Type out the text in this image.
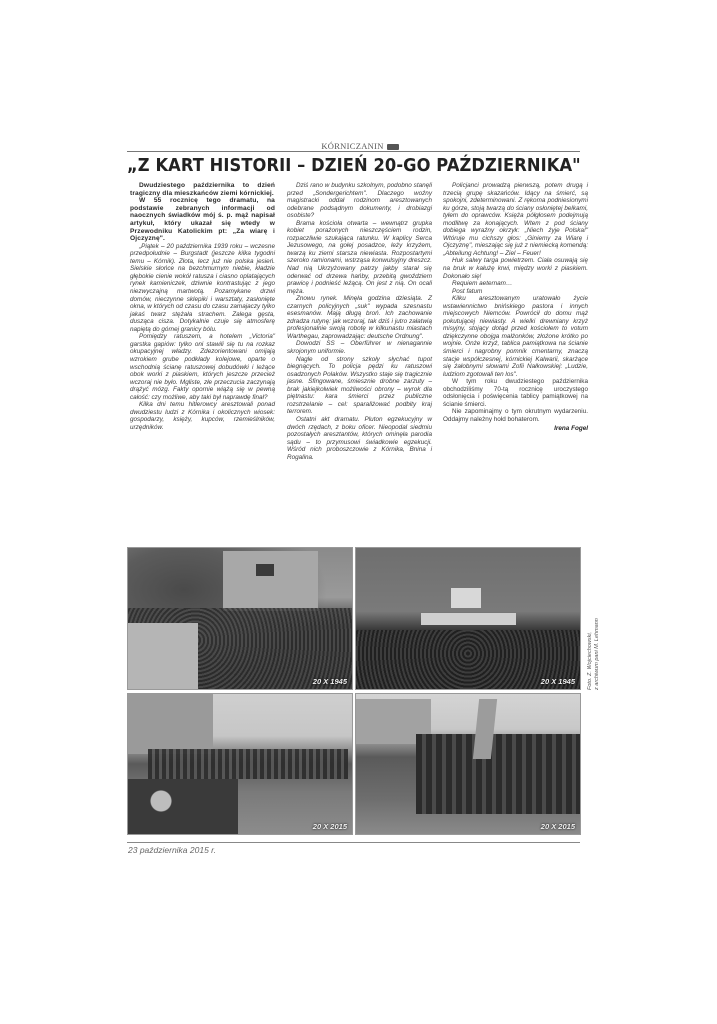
KÓRNICZANIN
„Z KART HISTORII – DZIEŃ 20-GO PAŹDZIERNIKA"

Dwudziestego października to dzień tragiczny dla mieszkańców ziemi kórnickiej.

W 55 rocznicę tego dramatu, na podstawie zebranych informacji od naocznych świadków mój ś. p. mąż napisał artykuł, który ukazał się wtedy w Przewodniku Katolickim pt: „Za wiarę i Ojczyznę".

„Piątek – 20 października 1939 roku – wczesne przedpołudnie – Burgstadt (jeszcze kilka tygodni temu – Kórnik). Złota, lecz już nie polska jesień. Sielskie słońce na bezchmurnym niebie, kładzie głębokie cienie wokół ratusza i ciasno oplatających rynek kamieniczek, dziwnie kontrastując z jego niezwyczajną martwotą. Pozamykane drzwi domów, nieczynne sklepiki i warsztaty, zasłonięte okna, w których od czasu do czasu zamajaczy tylko jakaś twarz stężała strachem. Zalega gęsta, dusząca cisza. Dotykalnie czuje się atmosferę napiętą do górnej granicy bólu.

Pomiędzy ratuszem, a hotelem „Victoria" garstka gapiów: tylko oni stawili się tu na rozkaz okupacyjnej władzy. Zdezorientowani omijają wzrokiem grube podkłady kolejowe, oparte o wschodnią ścianę ratuszowej dobudówki i leżące obok worki z piaskiem, których jeszcze przecież wczoraj nie było. Mgliste, złe przeczucia zaczynają drążyć mózg. Fakty opornie wiążą się w pewną całość: czy możliwe, aby taki był naprawdę finał?

Kilka dni temu hitlerowcy aresztowali ponad dwudziestu ludzi z Kórnika i okolicznych wiosek: gospodarzy, księży, kupców, rzemieślników, urzędników.

Dziś rano w budynku szkolnym, podobno stanęli przed „Sondergerichtem". Dlaczego woźny magistracki oddał rodzinom aresztowanych odebrane podsądnym dokumenty, i drobiazgi osobiste?

Brama kościoła otwarta – wewnątrz grupka kobiet porażonych nieszczęściem rodzin, rozpaczliwie szukająca ratunku. W kaplicy Serca Jezusowego, na gołej posadzce, leży krzyżem, twarzą ku ziemi starsza niewiasta. Rozpostartymi szeroko ramionami, wstrząsa konwulsyjny dreszcz. Nad nią Ukrzyżowany patrzy jakby starał się oderwać od drzewa hańby, przebitą gwoździem prawicę i podnieść leżącą. On jest z nią. On ocali męża.

Znowu rynek. Minęła godzina dziesiąta. Z czarnych policyjnych „suk" wypada szesnastu esesmanów. Mają długą broń. Ich zachowanie zdradza rutynę: jak wczoraj, tak dziś i jutro załatwią profesjonalnie swoją robotę w kilkunastu miastach Warthegau, zaprowadzając: deutsche Ordnung".

Dowodzi SS – Oberführer w nienagannie skrojonym uniformie.

Nagle od strony szkoły słychać tupot biegnących. To policja pędzi ku ratuszowi osadzonych Polaków. Wszystko staje się tragicznie jasne. Sfingowane, śmiesznie drobne zarzuty – brak jakiejkolwiek możliwości obrony – wyrok dla piętnastu: kara śmierci przez publiczne rozstrzelanie – cel: sparaliżować podbity kraj terrorem.

Ostatni akt dramatu. Pluton egzekucyjny w dwóch rzędach, z boku oficer. Nieopodal siedmiu pozostałych aresztantów, których ominęła parodia sądu – to przymusowi świadkowie egzekucji. Wśród nich proboszczowie z Kórnika, Bnina i Rogalina.

Policjanci prowadzą pierwszą, potem drugą i trzecią grupę skazańców. Idący na śmierć, są spokojni, zdeterminowani. Z rękoma podniesionymi ku górze, stoją twarzą do ściany osłoniętej belkami, tyłem do oprawców. Księża półgłosem podejmują modlitwę za konających. Wtem z pod ściany dobiega wyraźny okrzyk: „Niech żyje Polska!" Wtóruje mu cichszy głos: „Giniemy za Wiarę i Ojczyznę", mieszając się już z niemiecką komendą: „Abteilung Achtung! – Ziel – Feuer!

Huk salwy targa powietrzem. Ciała osuwają się na bruk w kałużę krwi, między worki z piaskiem. Dokonało się!

Requiem aeternam…

Post fatum

Kilku aresztowanym uratowało życie wstawiennictwo bnińskiego pastora i innych miejscowych Niemców. Powrócił do domu mąż pokutującej niewiasty. A wielki drewniany krzyż misyjny, stojący dotąd przed kościołem to votum dziękczynne obojga małżonków, złożone krótko po wojnie. Onże krzyż, tablica pamiątkowa na ścianie śmierci i nagrobny pomnik cmentarny, znaczą stacje współczesnej, kórnickiej Kalwarii, skarżące się żałobnymi słowami Zofii Nałkowskiej: „Ludzie, ludziom zgotowali ten los".

W tym roku dwudziestego października obchodziliśmy 70-tą rocznicę uroczystego odsłonięcia i poświęcenia tablicy pamiątkowej na ścianie śmierci.

Nie zapominajmy o tym okrutnym wydarzeniu. Oddajmy należny hołd bohaterom.

Irena Fogel
20 X 1945	20 X 1945
20 X 2015	20 X 2015
Foto. Z. Wojciechowski, z archiwum pani M. Lehmann
23 października 2015 r.
